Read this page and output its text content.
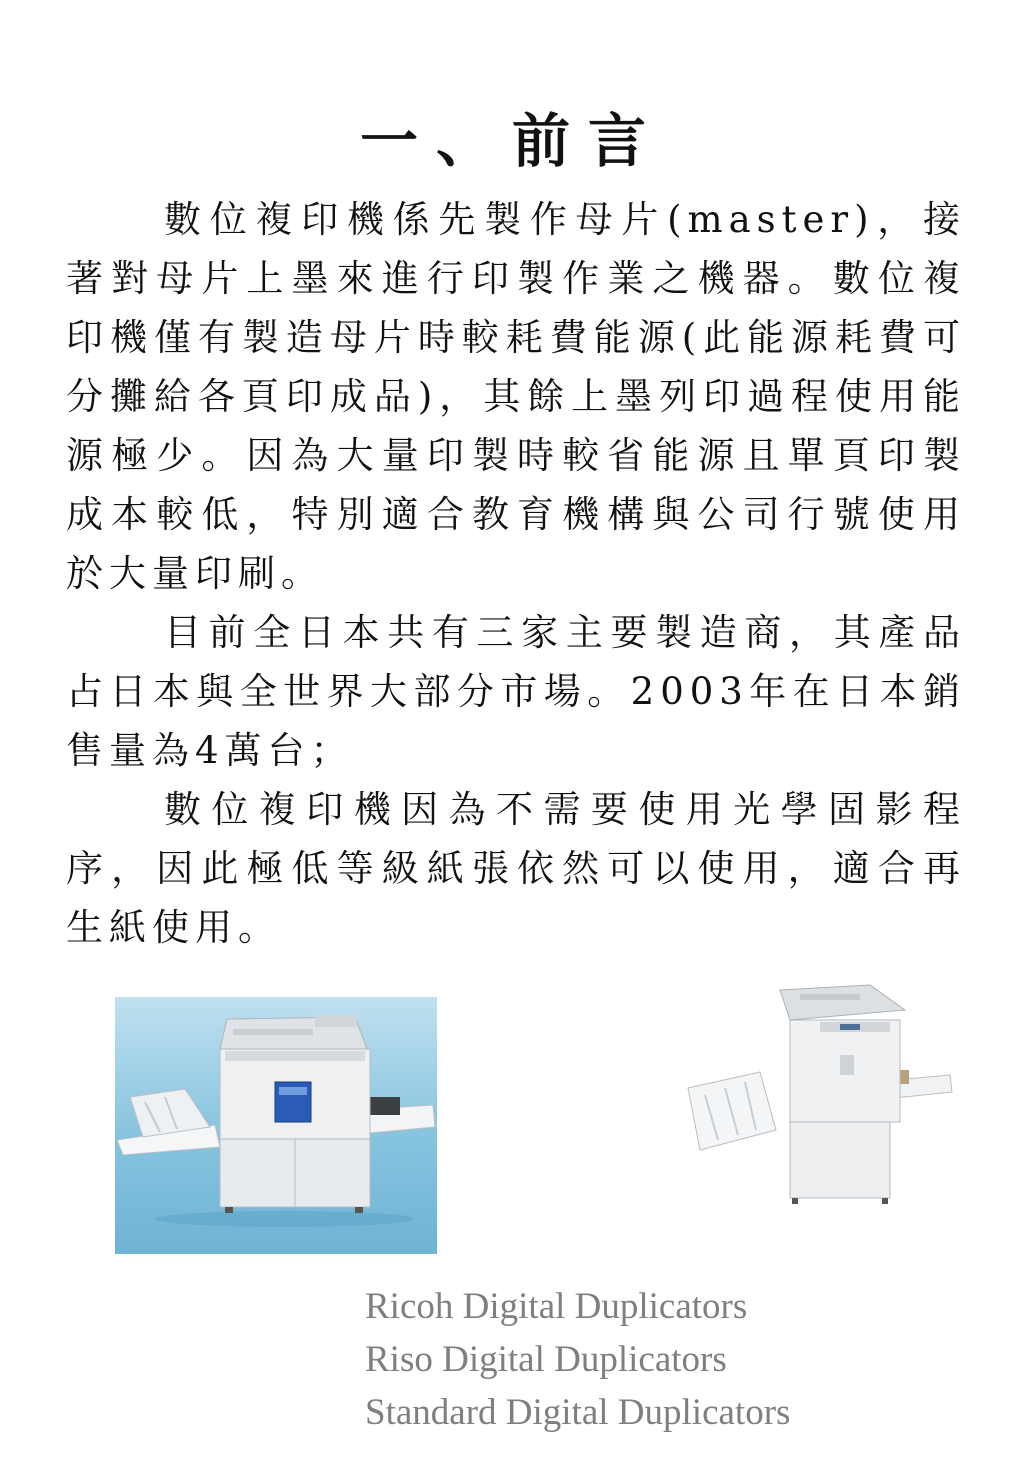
一、前言

數位複印機係先製作母片(master)，接著對母片上墨來進行印製作業之機器。數位複印機僅有製造母片時較耗費能源(此能源耗費可分攤給各頁印成品)，其餘上墨列印過程使用能源極少。因為大量印製時較省能源且單頁印製成本較低，特別適合教育機構與公司行號使用於大量印刷。

目前全日本共有三家主要製造商，其產品占日本與全世界大部分市場。2003年在日本銷售量為4萬台；

數位複印機因為不需要使用光學固影程序，因此極低等級紙張依然可以使用，適合再生紙使用。

Ricoh Digital Duplicators
Riso Digital Duplicators
Standard Digital Duplicators
